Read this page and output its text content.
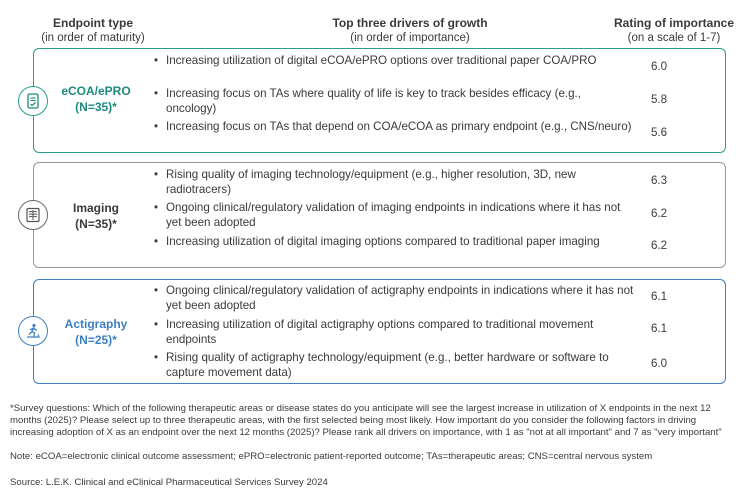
Endpoint type
(in order of maturity)
Top three drivers of growth
(in order of importance)
Rating of importance
(on a scale of 1-7)
eCOA/ePRO
(N=35)*
• Increasing utilization of digital eCOA/ePRO options over traditional paper COA/PRO	6.0
• Increasing focus on TAs where quality of life is key to track besides efficacy (e.g., oncology)
5.8
• Increasing focus on TAs that depend on COA/eCOA as primary endpoint (e.g., CNS/neuro)	5.6
Imaging
(N=35)*
• Rising quality of imaging technology/equipment (e.g., higher resolution, 3D, new radiotracers)
6.3
• Ongoing clinical/regulatory validation of imaging endpoints in indications where it has not yet been adopted
6.2
• Increasing utilization of digital imaging options compared to traditional paper imaging	6.2
Actigraphy
(N=25)*
• Ongoing clinical/regulatory validation of actigraphy endpoints in indications where it has not yet been adopted
6.1
• Increasing utilization of digital actigraphy options compared to traditional movement endpoints
6.1
• Rising quality of actigraphy technology/equipment (e.g., better hardware or software to capture movement data)
6.0
*Survey questions: Which of the following therapeutic areas or disease states do you anticipate will see the largest increase in utilization of X endpoints in the next 12 months (2025)? Please select up to three therapeutic areas, with the first selected being most likely. How important do you consider the following factors in driving increasing adoption of X as an endpoint over the next 12 months (2025)? Please rank all drivers on importance, with 1 as "not at all important" and 7 as "very important"
Note: eCOA=electronic clinical outcome assessment; ePRO=electronic patient-reported outcome; TAs=therapeutic areas; CNS=central nervous system
Source: L.E.K. Clinical and eClinical Pharmaceutical Services Survey 2024
